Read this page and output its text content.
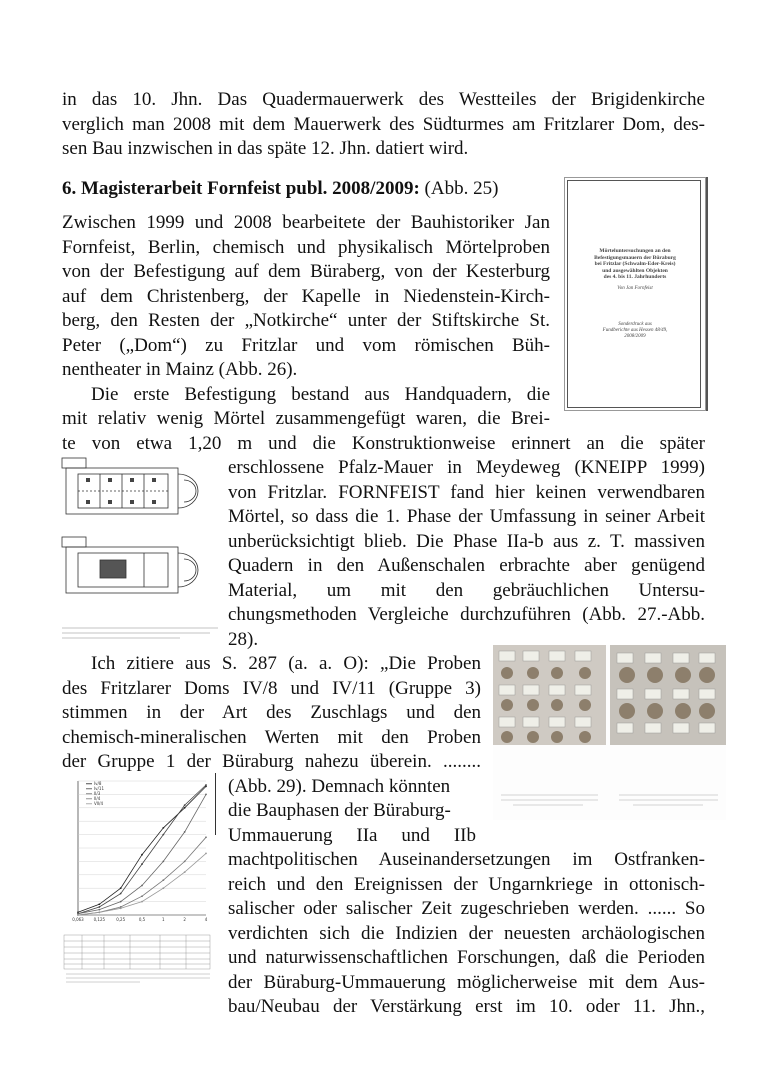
in das 10. Jhn. Das Quadermauerwerk des Westteiles der Brigidenkirche
verglich man 2008 mit dem Mauerwerk des Südturmes am Fritzlarer Dom, des-
sen Bau inzwischen in das späte 12. Jhn. datiert wird.
6. Magisterarbeit Fornfeist publ. 2008/2009: (Abb. 25)
Zwischen 1999 und 2008 bearbeitete der Bauhistoriker Jan
Fornfeist, Berlin, chemisch und physikalisch Mörtelproben
von der Befestigung auf dem Büraberg, von der Kesterburg
auf dem Christenberg, der Kapelle in Niedenstein-Kirch-
berg, den Resten der „Notkirche“ unter der Stiftskirche St.
Peter („Dom“) zu Fritzlar und vom römischen Büh-
nentheater in Mainz (Abb. 26).
Die erste Befestigung bestand aus Handquadern, die
mit relativ wenig Mörtel zusammengefügt waren, die Brei-
te von etwa 1,20 m und die Konstruktionweise erinnert an die später
erschlossene Pfalz-Mauer in Meydeweg (KNEIPP 1999)
von Fritzlar. FORNFEIST fand hier keinen verwendbaren
Mörtel, so dass die 1. Phase der Umfassung in seiner Arbeit
unberücksichtigt blieb. Die Phase IIa-b aus z. T. massiven
Quadern in den Außenschalen erbrachte aber genügend
Material, um mit den gebräuchlichen Untersu-
chungsmethoden Vergleiche durchzuführen (Abb. 27.-Abb.
28).
Ich zitiere aus S. 287 (a. a. O): „Die Proben
des Fritzlarer Doms IV/8 und IV/11 (Gruppe 3)
stimmen in der Art des Zuschlags und den
chemisch-mineralischen Werten mit den Proben
der Gruppe 1 der Büraburg nahezu überein. ........
(Abb. 29). Demnach könnten
die Bauphasen der Büraburg-
Ummauerung IIa und IIb
machtpolitischen Auseinandersetzungen im Ostfranken-
reich und den Ereignissen der Ungarnkriege in ottonisch-
salischer oder salischer Zeit zugeschrieben werden. ...... So
verdichten sich die Indizien der neuesten archäologischen
und naturwissenschaftlichen Forschungen, daß die Perioden
der Büraburg-Ummauerung möglicherweise mit dem Aus-
bau/Neubau der Verstärkung erst im 10. oder 11. Jhn.,
Mörteluntersuchungen an den
Befestigungsmauern der Büraburg
bei Fritzlar (Schwalm-Eder-Kreis)
und ausgewählten Objekten
des 4. bis 11. Jahrhunderts
Von Jan Fornfeist
Sonderdruck aus
Fundberichte aus Hessen 48/49,
2008/2009
0,063 0,125	0,25	0,5	1	2	4
Iv/8
Iv/11
II/3
II/4
VII/4
